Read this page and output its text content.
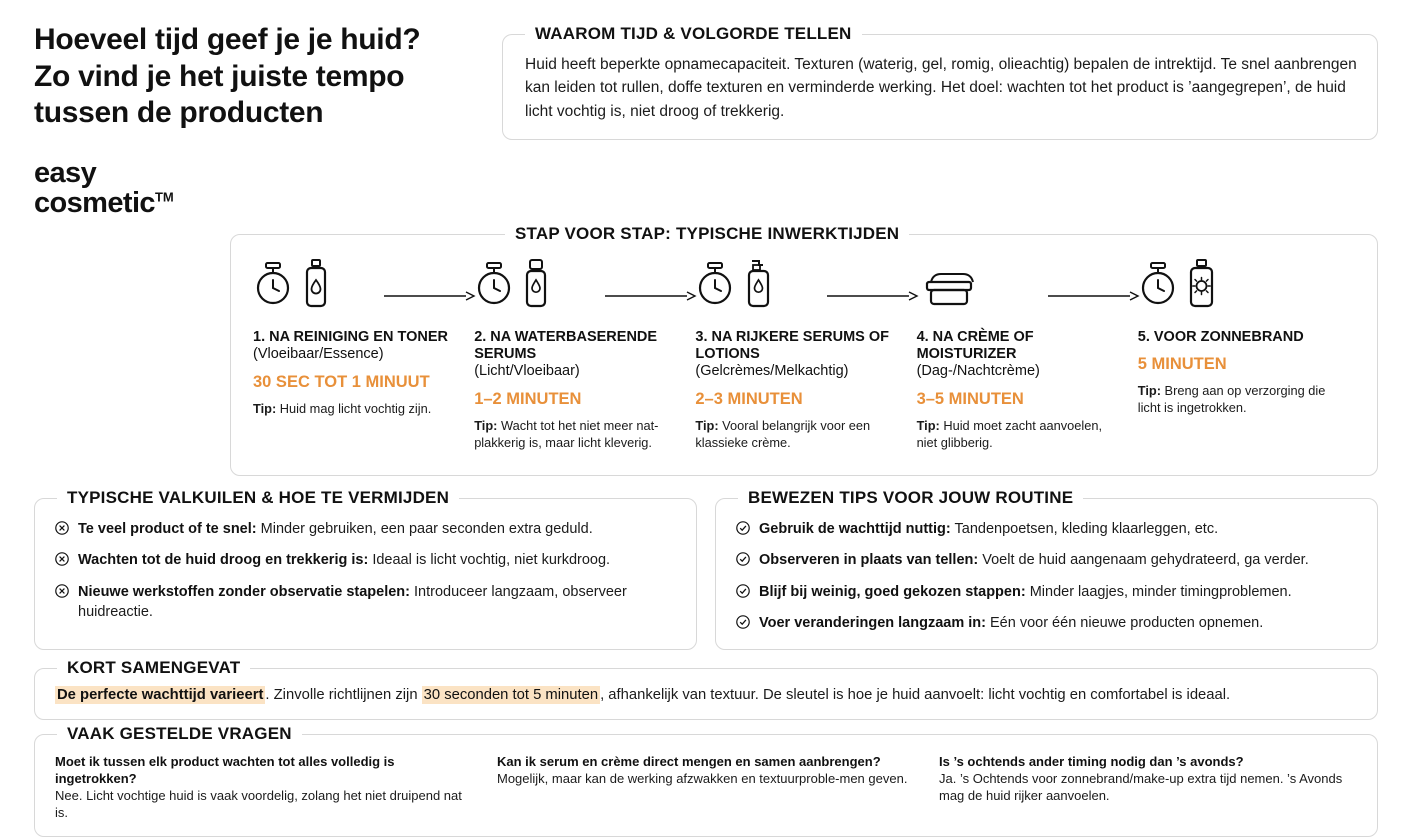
Hoeveel tijd geef je je huid?
Zo vind je het juiste tempo
tussen de producten
easy
cosmetic™
WAAROM TIJD & VOLGORDE TELLEN
Huid heeft beperkte opnamecapaciteit. Texturen (waterig, gel, romig, olieachtig) bepalen de intrektijd. Te snel aanbrengen kan leiden tot rullen, doffe texturen en verminderde werking. Het doel: wachten tot het product is ’aangegrepen’, de huid licht vochtig is, niet droog of trekkerig.
STAP VOOR STAP: TYPISCHE INWERKTIJDEN
1. NA REINIGING EN TONER
(Vloeibaar/Essence)
30 SEC TOT 1 MINUUT
Tip: Huid mag licht vochtig zijn.
2. NA WATERBASERENDE SERUMS
(Licht/Vloeibaar)
1–2 MINUTEN
Tip: Wacht tot het niet meer nat-plakkerig is, maar licht kleverig.
3. NA RIJKERE SERUMS OF LOTIONS
(Gelcrèmes/Melkachtig)
2–3 MINUTEN
Tip: Vooral belangrijk voor een klassieke crème.
4. NA CRÈME OF MOISTURIZER
(Dag-/Nachtcrème)
3–5 MINUTEN
Tip: Huid moet zacht aanvoelen, niet glibberig.
5. VOOR ZONNEBRAND
5 MINUTEN
Tip: Breng aan op verzorging die licht is ingetrokken.
TYPISCHE VALKUILEN & HOE TE VERMIJDEN
Te veel product of te snel: Minder gebruiken, een paar seconden extra geduld.
Wachten tot de huid droog en trekkerig is: Ideaal is licht vochtig, niet kurkdroog.
Nieuwe werkstoffen zonder observatie stapelen: Introduceer langzaam, observeer huidreactie.
BEWEZEN TIPS VOOR JOUW ROUTINE
Gebruik de wachttijd nuttig: Tandenpoetsen, kleding klaarleggen, etc.
Observeren in plaats van tellen: Voelt de huid aangenaam gehydrateerd, ga verder.
Blijf bij weinig, goed gekozen stappen: Minder laagjes, minder timingproblemen.
Voer veranderingen langzaam in: Eén voor één nieuwe producten opnemen.
KORT SAMENGEVAT
De perfecte wachttijd varieert . Zinvolle richtlijnen zijn 30 seconden tot 5 minuten , afhankelijk van textuur. De sleutel is hoe je huid aanvoelt: licht vochtig en comfortabel is ideaal.
VAAK GESTELDE VRAGEN
Moet ik tussen elk product wachten tot alles volledig is ingetrokken?
Nee. Licht vochtige huid is vaak voordelig, zolang het niet druipend nat is.
Kan ik serum en crème direct mengen en samen aanbrengen?
Mogelijk, maar kan de werking afzwakken en textuurproble-men geven.
Is ’s ochtends ander timing nodig dan ’s avonds?
Ja. ’s Ochtends voor zonnebrand/make-up extra tijd nemen. ’s Avonds mag de huid rijker aanvoelen.
